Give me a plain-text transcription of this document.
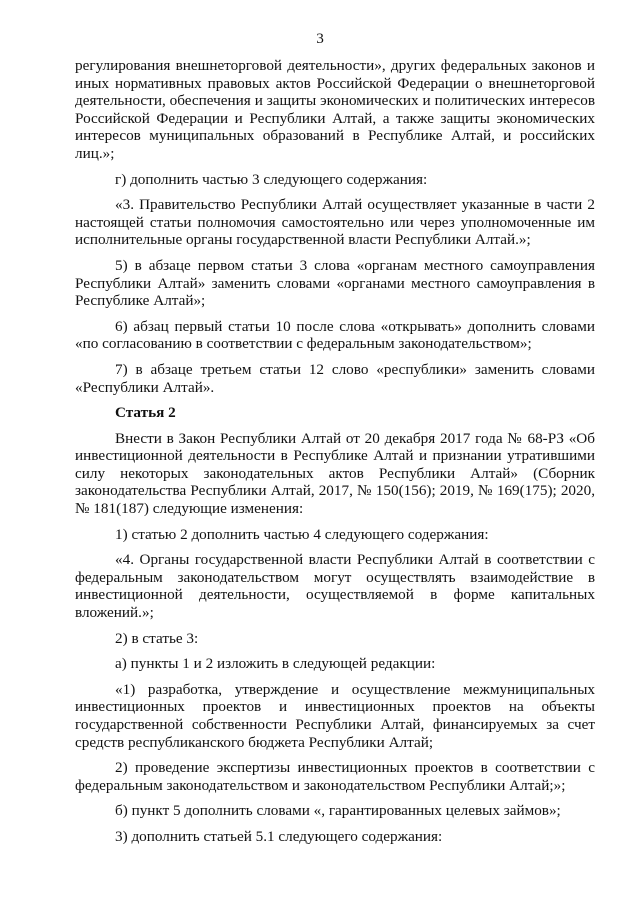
3

регулирования внешнеторговой деятельности», других федеральных законов и иных нормативных правовых актов Российской Федерации о внешнеторговой деятельности, обеспечения и защиты экономических и политических интересов Российской Федерации и Республики Алтай, а также защиты экономических интересов муниципальных образований в Республике Алтай, и российских лиц.»;

г) дополнить частью 3 следующего содержания:

«3. Правительство Республики Алтай осуществляет указанные в части 2 настоящей статьи полномочия самостоятельно или через уполномоченные им исполнительные органы государственной власти Республики Алтай.»;

5) в абзаце первом статьи 3 слова «органам местного самоуправления Республики Алтай» заменить словами «органами местного самоуправления в Республике Алтай»;

6) абзац первый статьи 10 после слова «открывать» дополнить словами «по согласованию в соответствии с федеральным законодательством»;

7) в абзаце третьем статьи 12 слово «республики» заменить словами «Республики Алтай».

Статья 2

Внести в Закон Республики Алтай от 20 декабря 2017 года № 68-РЗ «Об инвестиционной деятельности в Республике Алтай и признании утратившими силу некоторых законодательных актов Республики Алтай» (Сборник законодательства Республики Алтай, 2017, № 150(156); 2019, № 169(175); 2020, № 181(187) следующие изменения:

1) статью 2 дополнить частью 4 следующего содержания:

«4. Органы государственной власти Республики Алтай в соответствии с федеральным законодательством могут осуществлять взаимодействие в инвестиционной деятельности, осуществляемой в форме капитальных вложений.»;

2) в статье 3:

а) пункты 1 и 2 изложить в следующей редакции:

«1) разработка, утверждение и осуществление межмуниципальных инвестиционных проектов и инвестиционных проектов на объекты государственной собственности Республики Алтай, финансируемых за счет средств республиканского бюджета Республики Алтай;

2) проведение экспертизы инвестиционных проектов в соответствии с федеральным законодательством и законодательством Республики Алтай;»;

б) пункт 5 дополнить словами «, гарантированных целевых займов»;

3) дополнить статьей 5.1 следующего содержания:
